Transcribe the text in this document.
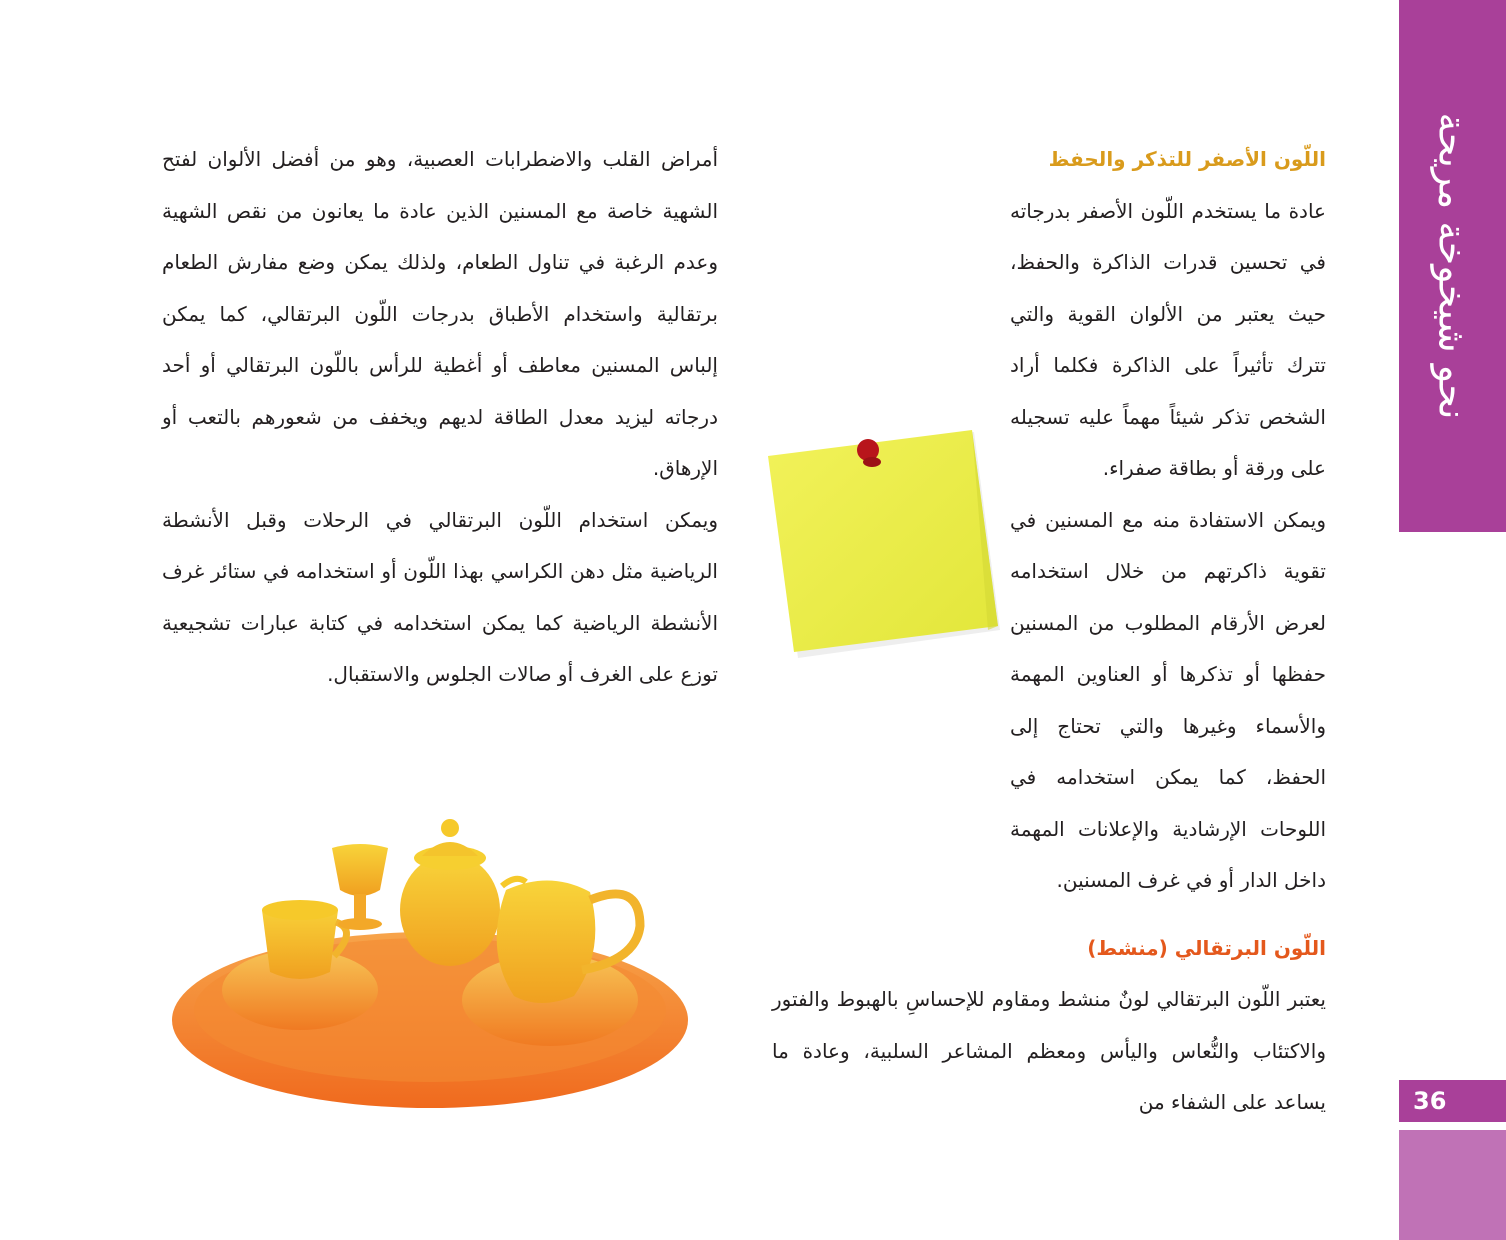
نحو شيخوخة مريحة
36

اللّون الأصفر للتذكر والحفظ

عادة ما يستخدم اللّون الأصفر بدرجاته في تحسين قدرات الذاكرة والحفظ، حيث يعتبر من الألوان القوية والتي تترك تأثيراً على الذاكرة فكلما أراد الشخص تذكر شيئاً مهماً عليه تسجيله على ورقة أو بطاقة صفراء.

ويمكن الاستفادة منه مع المسنين في تقوية ذاكرتهم من خلال استخدامه لعرض الأرقام المطلوب من المسنين حفظها أو تذكرها أو العناوين المهمة والأسماء وغيرها والتي تحتاج إلى الحفظ، كما يمكن استخدامه في اللوحات الإرشادية والإعلانات المهمة داخل الدار أو في غرف المسنين.

اللّون البرتقالي (منشط)

يعتبر اللّون البرتقالي لونٌ منشط ومقاوم للإحساسِ بالهبوط والفتور والاكتئاب والنُّعاس واليأس ومعظم المشاعر السلبية، وعادة ما يساعد على الشفاء من

أمراض القلب والاضطرابات العصبية، وهو من أفضل الألوان لفتح الشهية خاصة مع المسنين الذين عادة ما يعانون من نقص الشهية وعدم الرغبة في تناول الطعام، ولذلك يمكن وضع مفارش الطعام برتقالية واستخدام الأطباق بدرجات اللّون البرتقالي، كما يمكن إلباس المسنين معاطف أو أغطية للرأس باللّون البرتقالي أو أحد درجاته ليزيد معدل الطاقة لديهم ويخفف من شعورهم بالتعب أو الإرهاق.

ويمكن استخدام اللّون البرتقالي في الرحلات وقبل الأنشطة الرياضية مثل دهن الكراسي بهذا اللّون أو استخدامه في ستائر غرف الأنشطة الرياضية كما يمكن استخدامه في كتابة عبارات تشجيعية توزع على الغرف أو صالات الجلوس والاستقبال.
